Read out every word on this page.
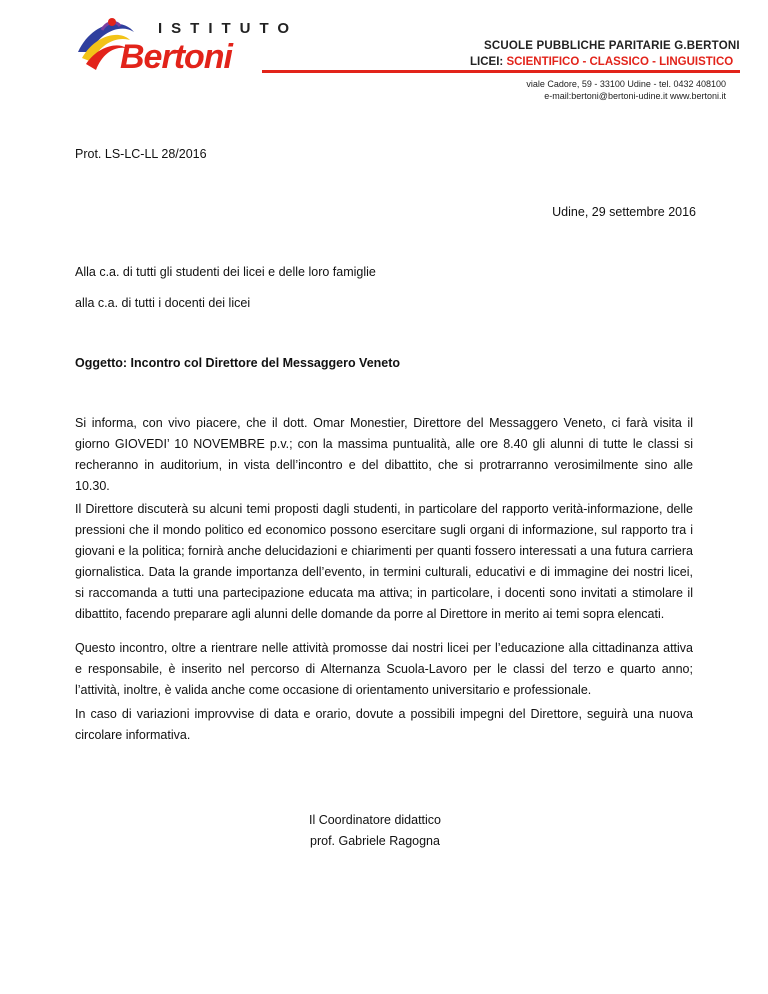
ISTITUTO
Bertoni	SCUOLE PUBBLICHE PARITARIE G.BERTONI
LICEI: SCIENTIFICO - CLASSICO - LINGUISTICO
viale Cadore, 59 - 33100 Udine - tel. 0432 408100
e-mail:bertoni@bertoni-udine.it www.bertoni.it
Prot. LS-LC-LL 28/2016
Udine, 29 settembre 2016
Alla c.a. di tutti gli studenti dei licei e delle loro famiglie
alla c.a. di tutti i docenti dei licei
Oggetto: Incontro col Direttore del Messaggero Veneto
Si informa, con vivo piacere, che il dott. Omar Monestier, Direttore del Messaggero Veneto, ci farà visita il giorno GIOVEDI’ 10 NOVEMBRE p.v.; con la massima puntualità, alle ore 8.40 gli alunni di tutte le classi si recheranno in auditorium, in vista dell’incontro e del dibattito, che si protrarranno verosimilmente sino alle 10.30.
Il Direttore discuterà su alcuni temi proposti dagli studenti, in particolare del rapporto verità-informazione, delle pressioni che il mondo politico ed economico possono esercitare sugli organi di informazione, sul rapporto tra i giovani e la politica; fornirà anche delucidazioni e chiarimenti per quanti fossero interessati a una futura carriera giornalistica. Data la grande importanza dell’evento, in termini culturali, educativi e di immagine dei nostri licei, si raccomanda a tutti una partecipazione educata ma attiva; in particolare, i docenti sono invitati a stimolare il dibattito, facendo preparare agli alunni delle domande da porre al Direttore in merito ai temi sopra elencati.
Questo incontro, oltre a rientrare nelle attività promosse dai nostri licei per l’educazione alla cittadinanza attiva e responsabile, è inserito nel percorso di Alternanza Scuola-Lavoro per le classi del terzo e quarto anno; l’attività, inoltre, è valida anche come occasione di orientamento universitario e professionale.
In caso di variazioni improvvise di data e orario, dovute a possibili impegni del Direttore, seguirà una nuova circolare informativa.
Il Coordinatore didattico
prof. Gabriele Ragogna
